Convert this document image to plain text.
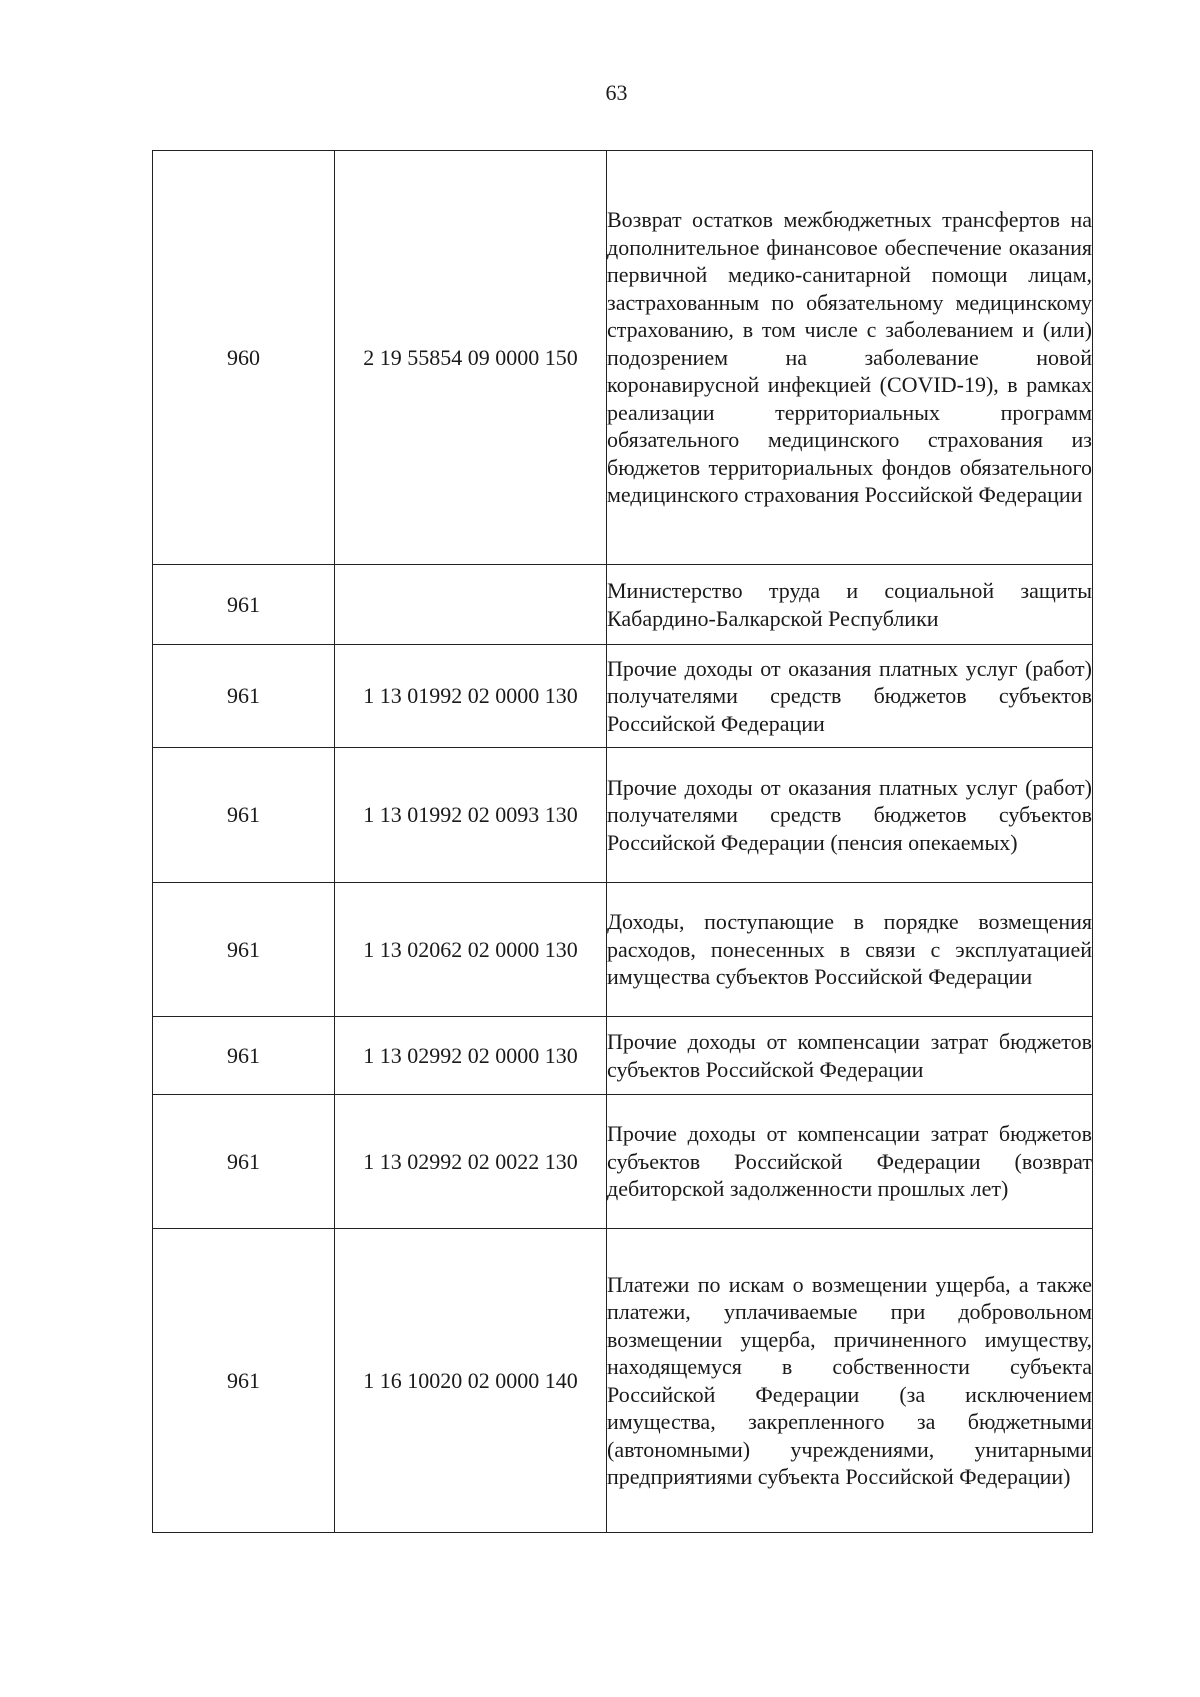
63
960	2 19 55854 09 0000 150	Возврат остатков межбюджетных трансфертов на дополнительное финансовое обеспечение оказания первичной медико-санитарной помощи лицам, застрахованным по обязательному медицинскому страхованию, в том числе с заболеванием и (или) подозрением на заболевание новой коронавирусной инфекцией (COVID-19), в рамках реализации территориальных программ обязательного медицинского страхования из бюджетов территориальных фондов обязательного медицинского страхования Российской Федерации
961		Министерство труда и социальной защиты Кабардино-Балкарской Республики
961	1 13 01992 02 0000 130	Прочие доходы от оказания платных услуг (работ) получателями средств бюджетов субъектов Российской Федерации
961	1 13 01992 02 0093 130	Прочие доходы от оказания платных услуг (работ) получателями средств бюджетов субъектов Российской Федерации (пенсия опекаемых)
961	1 13 02062 02 0000 130	Доходы, поступающие в порядке возмещения расходов, понесенных в связи с эксплуатацией имущества субъектов Российской Федерации
961	1 13 02992 02 0000 130	Прочие доходы от компенсации затрат бюджетов субъектов Российской Федерации
961	1 13 02992 02 0022 130	Прочие доходы от компенсации затрат бюджетов субъектов Российской Федерации (возврат дебиторской задолженности прошлых лет)
961	1 16 10020 02 0000 140	Платежи по искам о возмещении ущерба, а также платежи, уплачиваемые при добровольном возмещении ущерба, причиненного имуществу, находящемуся в собственности субъекта Российской Федерации (за исключением имущества, закрепленного за бюджетными (автономными) учреждениями, унитарными предприятиями субъекта Российской Федерации)
